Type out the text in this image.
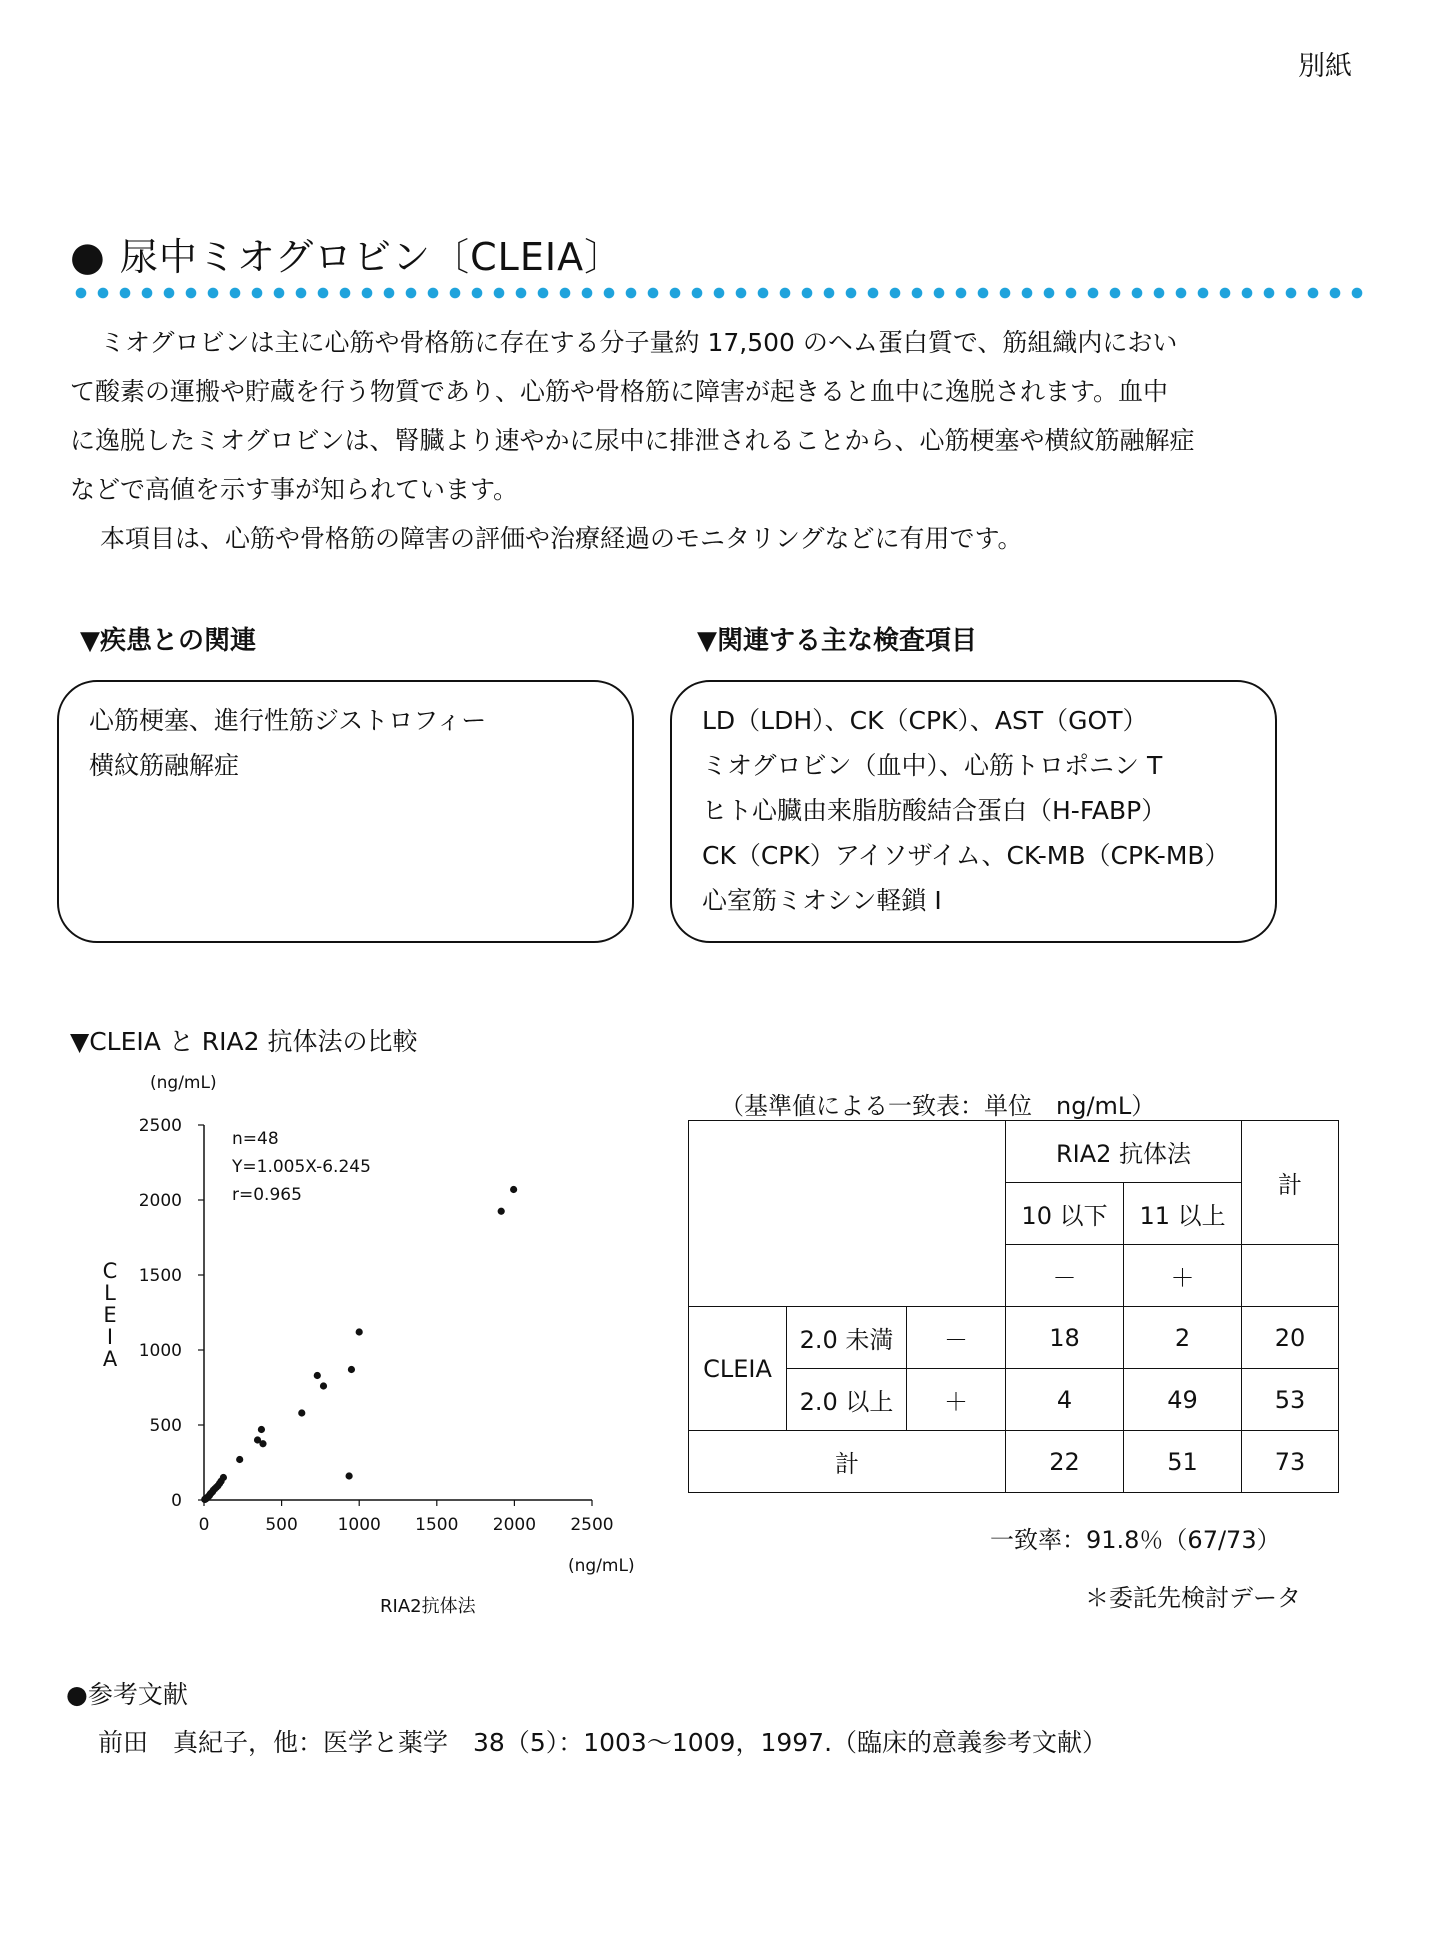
別紙
● 尿中ミオグロビン〔CLEIA〕

ミオグロビンは主に心筋や骨格筋に存在する分子量約 17,500 のヘム蛋白質で、筋組織内におい

て酸素の運搬や貯蔵を行う物質であり、心筋や骨格筋に障害が起きると血中に逸脱されます。血中

に逸脱したミオグロビンは、腎臓より速やかに尿中に排泄されることから、心筋梗塞や横紋筋融解症

などで高値を示す事が知られています。

本項目は、心筋や骨格筋の障害の評価や治療経過のモニタリングなどに有用です。

▼疾患との関連
心筋梗塞、進行性筋ジストロフィー
横紋筋融解症
▼関連する主な検査項目
LD（LDH）、CK（CPK）、AST（GOT）
ミオグロビン（血中）、心筋トロポニン T
ヒト心臓由来脂肪酸結合蛋白（H-FABP）
CK（CPK）アイソザイム、CK-MB（CPK-MB）
心室筋ミオシン軽鎖 I
▼CLEIA と RIA2 抗体法の比較
(ng/mL)
C
L
E
I
A
n=48
Y=1.005X-6.245
r=0.965
0	500 1000 1500 2000 2500
0
500
1000
1500
2000
2500
(ng/mL)
RIA2抗体法
（基準値による一致表：単位　ng/mL）
			RIA2 抗体法		計
			10 以下	11 以上	
			－	＋	
CLEIA	2.0 未満	－	18	2	20
	2.0 以上	＋	4	49	53
計			22	51	73
一致率：91.8％（67/73）
＊委託先検討データ
●参考文献
前田　真紀子，他：医学と薬学　38（5）：1003～1009，1997.（臨床的意義参考文献）
